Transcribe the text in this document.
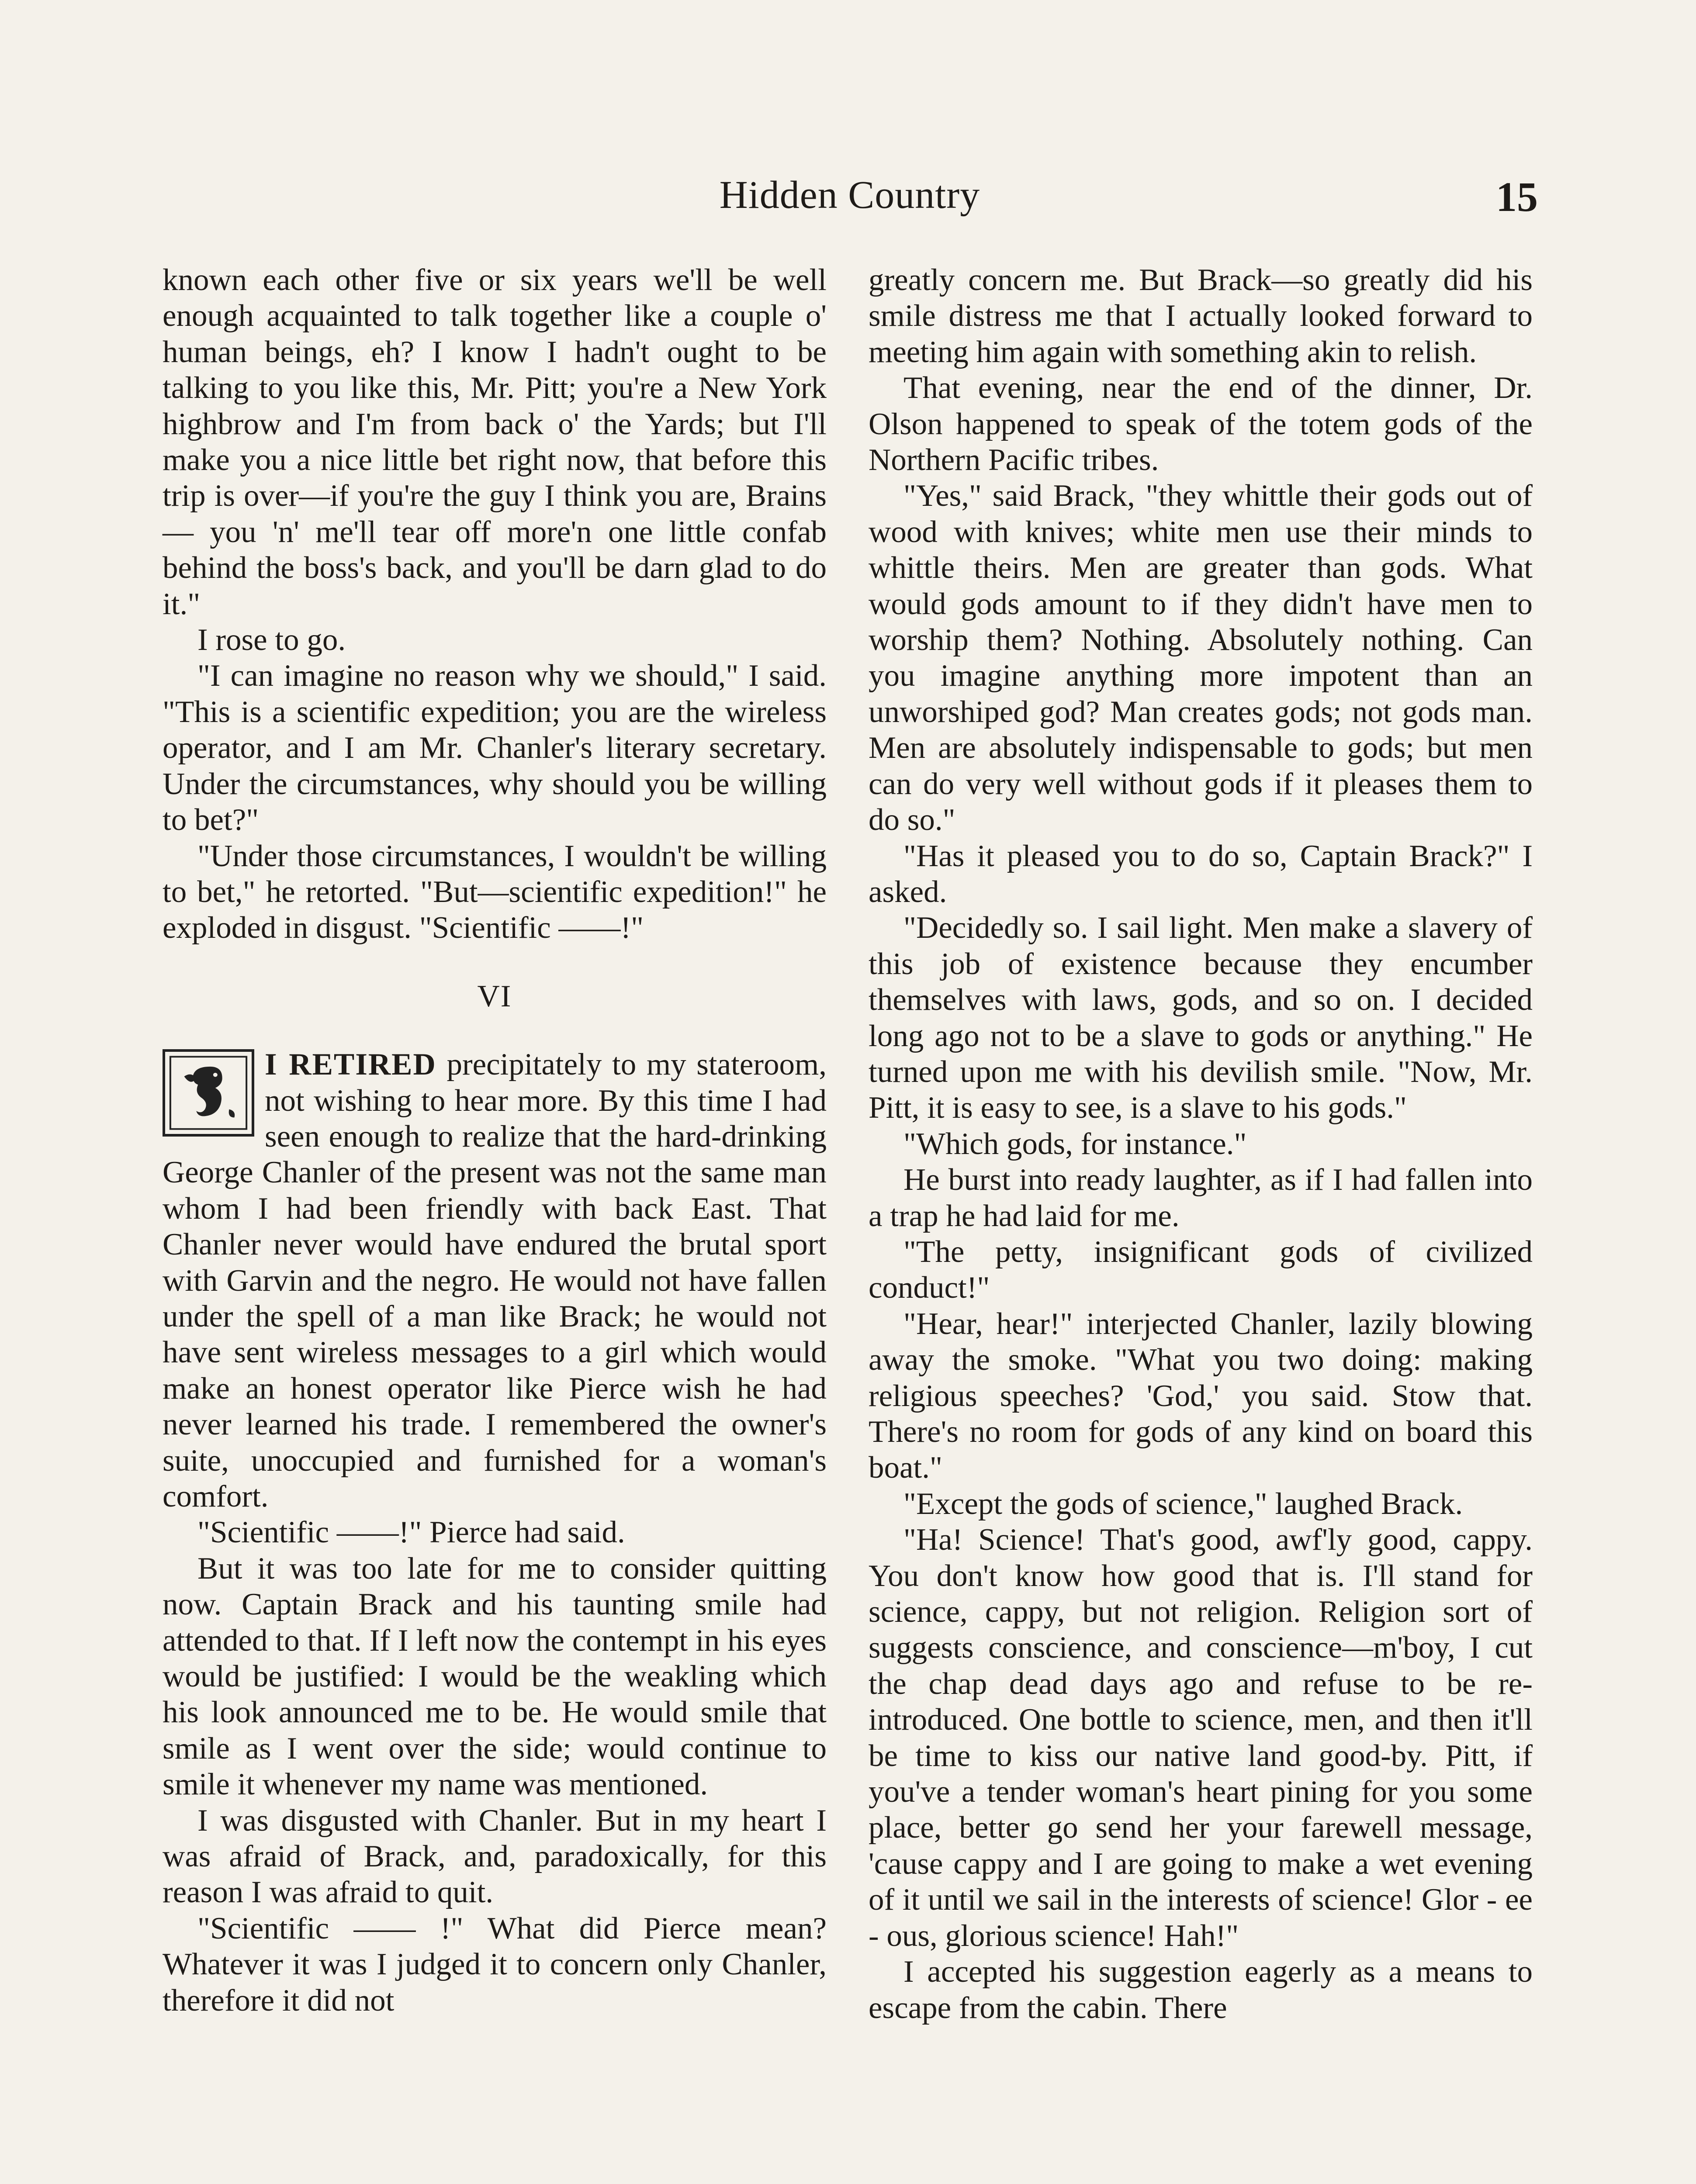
Hidden Country	15

known each other five or six years we'll be well enough acquainted to talk together like a couple o' human beings, eh? I know I hadn't ought to be talking to you like this, Mr. Pitt; you're a New York highbrow and I'm from back o' the Yards; but I'll make you a nice little bet right now, that before this trip is over—if you're the guy I think you are, Brains — you 'n' me'll tear off more'n one little confab behind the boss's back, and you'll be darn glad to do it."

I rose to go.

"I can imagine no reason why we should," I said. "This is a scientific expedition; you are the wireless operator, and I am Mr. Chanler's literary secretary. Under the circumstances, why should you be willing to bet?"

"Under those circumstances, I wouldn't be willing to bet," he retorted. "But—scientific expedition!" he exploded in disgust. "Scientific ——!"

VI

I RETIRED precipitately to my stateroom, not wishing to hear more. By this time I had seen enough to realize that the hard-drinking George Chanler of the present was not the same man whom I had been friendly with back East. That Chanler never would have endured the brutal sport with Garvin and the negro. He would not have fallen under the spell of a man like Brack; he would not have sent wireless messages to a girl which would make an honest operator like Pierce wish he had never learned his trade. I remembered the owner's suite, unoccupied and furnished for a woman's comfort.

"Scientific ——!" Pierce had said.

But it was too late for me to consider quitting now. Captain Brack and his taunting smile had attended to that. If I left now the contempt in his eyes would be justified: I would be the weakling which his look announced me to be. He would smile that smile as I went over the side; would continue to smile it whenever my name was mentioned.

I was disgusted with Chanler. But in my heart I was afraid of Brack, and, paradoxically, for this reason I was afraid to quit.

"Scientific —— !" What did Pierce mean? Whatever it was I judged it to concern only Chanler, therefore it did not

greatly concern me. But Brack—so greatly did his smile distress me that I actually looked forward to meeting him again with something akin to relish.

That evening, near the end of the dinner, Dr. Olson happened to speak of the totem gods of the Northern Pacific tribes.

"Yes," said Brack, "they whittle their gods out of wood with knives; white men use their minds to whittle theirs. Men are greater than gods. What would gods amount to if they didn't have men to worship them? Nothing. Absolutely nothing. Can you imagine anything more impotent than an unworshiped god? Man creates gods; not gods man. Men are absolutely indispensable to gods; but men can do very well without gods if it pleases them to do so."

"Has it pleased you to do so, Captain Brack?" I asked.

"Decidedly so. I sail light. Men make a slavery of this job of existence because they encumber themselves with laws, gods, and so on. I decided long ago not to be a slave to gods or anything." He turned upon me with his devilish smile. "Now, Mr. Pitt, it is easy to see, is a slave to his gods."

"Which gods, for instance."

He burst into ready laughter, as if I had fallen into a trap he had laid for me.

"The petty, insignificant gods of civilized conduct!"

"Hear, hear!" interjected Chanler, lazily blowing away the smoke. "What you two doing: making religious speeches? 'God,' you said. Stow that. There's no room for gods of any kind on board this boat."

"Except the gods of science," laughed Brack.

"Ha! Science! That's good, awf'ly good, cappy. You don't know how good that is. I'll stand for science, cappy, but not religion. Religion sort of suggests conscience, and conscience—m'boy, I cut the chap dead days ago and refuse to be re-introduced. One bottle to science, men, and then it'll be time to kiss our native land good-by. Pitt, if you've a tender woman's heart pining for you some place, better go send her your farewell message, 'cause cappy and I are going to make a wet evening of it until we sail in the interests of science! Glor - ee - ous, glorious science! Hah!"

I accepted his suggestion eagerly as a means to escape from the cabin. There
